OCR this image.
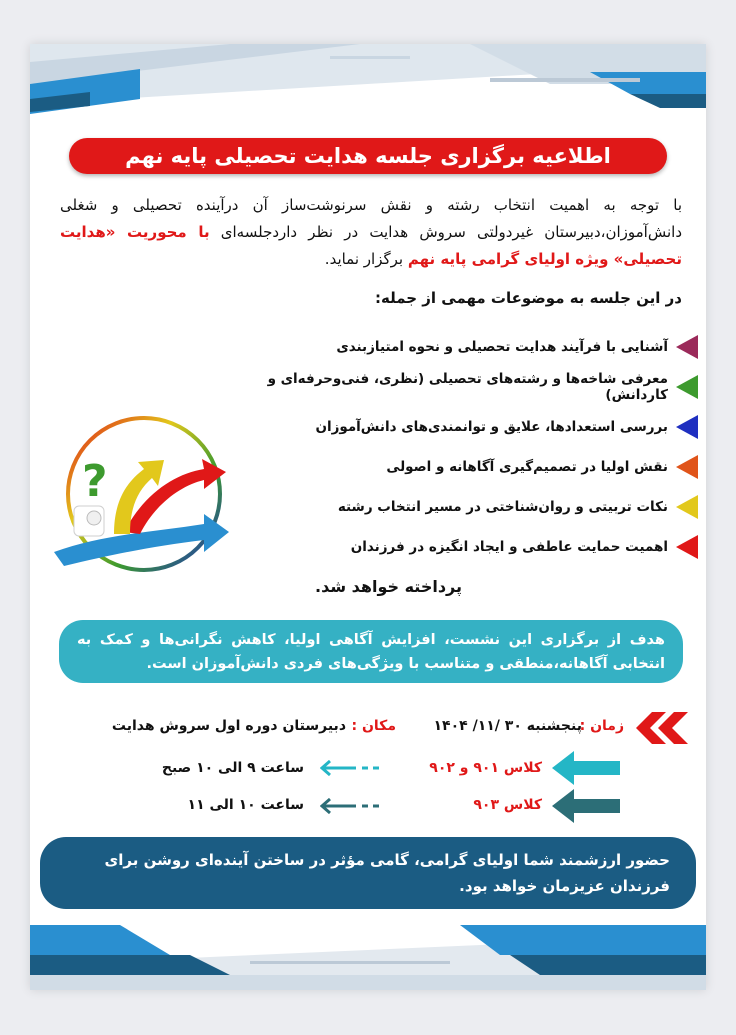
اطلاعیه برگزاری جلسه هدایت تحصیلی پایه نهم
با توجه به اهمیت انتخاب رشته و نقش سرنوشت‌ساز آن درآینده تحصیلی و شغلی دانش‌آموزان،دبیرستان غیردولتی سروش هدایت در نظر داردجلسه‌ای با محوریت «هدایت تحصیلی» ویژه اولیای گرامی پایه نهم برگزار نماید.
در این جلسه به موضوعات مهمی از جمله:
آشنایی با فرآیند هدایت تحصیلی و نحوه امتیازبندی
معرفی شاخه‌ها و رشته‌های تحصیلی (نظری، فنی‌وحرفه‌ای و کاردانش)
بررسی استعدادها، علایق و توانمندی‌های دانش‌آموزان
نقش اولیا در تصمیم‌گیری آگاهانه و اصولی
نکات تربیتی و روان‌شناختی در مسیر انتخاب رشته
اهمیت حمایت عاطفی و ایجاد انگیزه در فرزندان
?
پرداخته خواهد شد.
هدف از برگزاری این نشست، افزایش آگاهی اولیا، کاهش نگرانی‌ها و کمک به انتخابی آگاهانه،منطقی و متناسب با ویژگی‌های فردی دانش‌آموزان است.
زمان :
پنجشنبه ۳۰ /۱۱/ ۱۴۰۴
مکان :
دبیرستان دوره اول سروش هدایت
کلاس ۹۰۱ و ۹۰۲
ساعت ۹ الی ۱۰ صبح
کلاس ۹۰۳
ساعت ۱۰ الی ۱۱
حضور ارزشمند شما اولیای گرامی، گامی مؤثر در ساختن آینده‌ای روشن برای فرزندان عزیزمان خواهد بود.
